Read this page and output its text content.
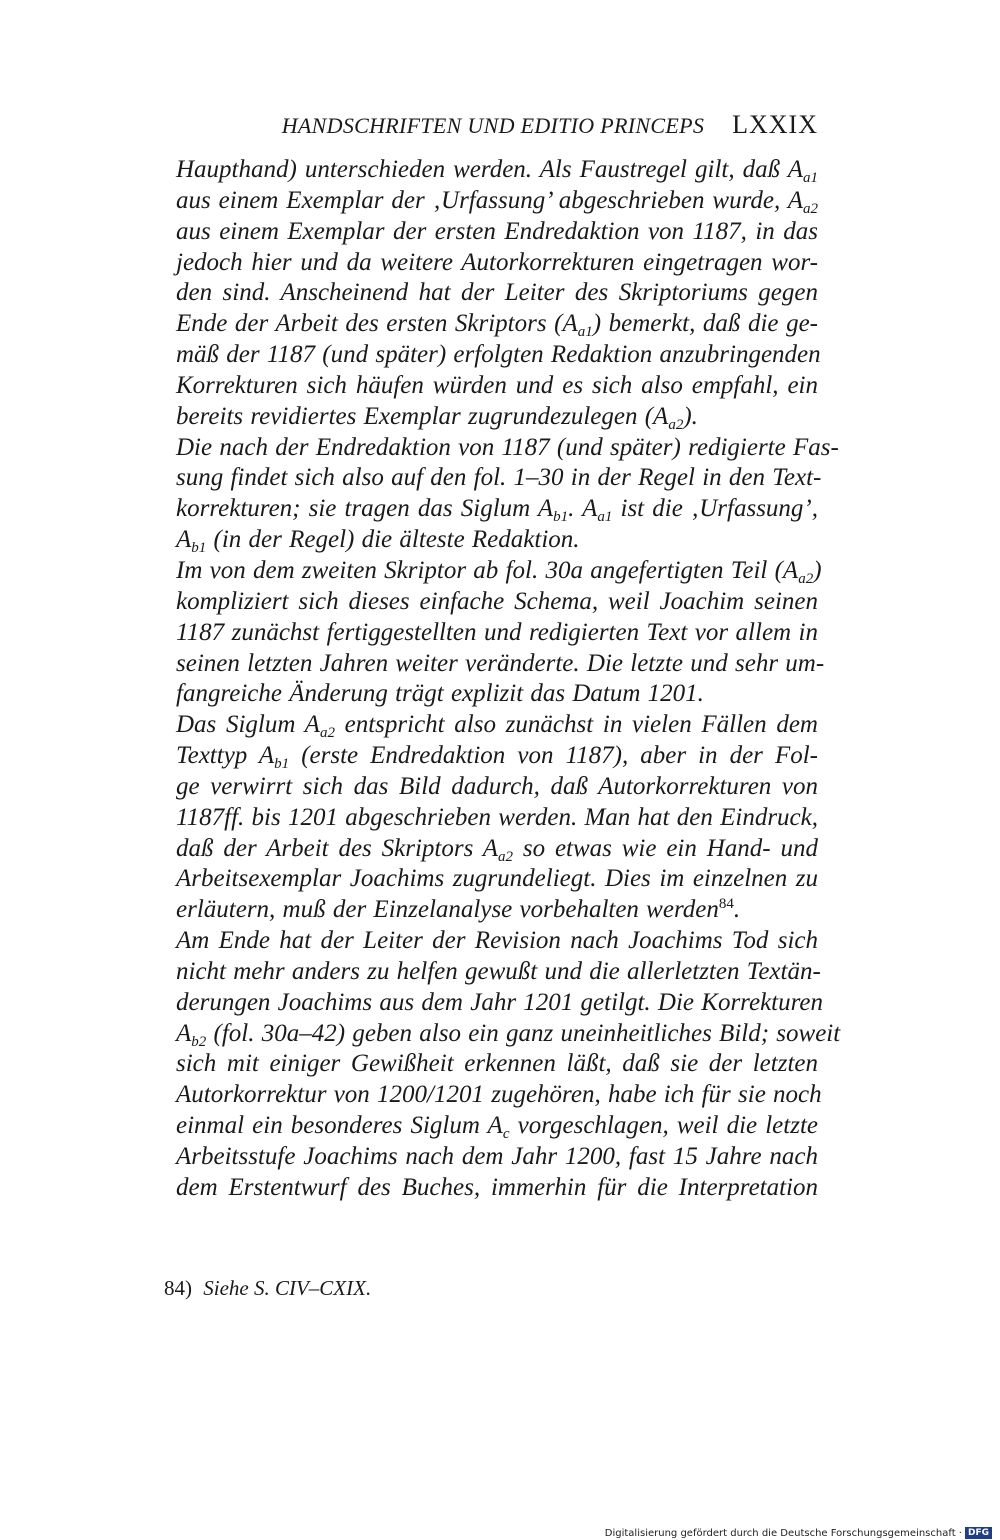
HANDSCHRIFTEN UND EDITIO PRINCEPS LXXIX
Haupthand) unterschieden werden. Als Faustregel gilt, daß $A_{a1}$
aus einem Exemplar der ‚Urfassung’ abgeschrieben wurde, $A_{a2}$
aus einem Exemplar der ersten Endredaktion von 1187, in das
jedoch hier und da weitere Autorkorrekturen eingetragen wor-
den sind. Anscheinend hat der Leiter des Skriptoriums gegen
Ende der Arbeit des ersten Skriptors $(A_{a1})$ bemerkt, daß die ge-
mäß der 1187 (und später) erfolgten Redaktion anzubringenden
Korrekturen sich häufen würden und es sich also empfahl, ein
bereits revidiertes Exemplar zugrundezulegen $(A_{a2})$.
Die nach der Endredaktion von 1187 (und später) redigierte Fas-
sung findet sich also auf den fol. 1–30 in der Regel in den Text-
korrekturen; sie tragen das Siglum $A_{b1}$. $A_{a1}$ ist die ‚Urfassung’,
$A_{b1}$ (in der Regel) die älteste Redaktion.
Im von dem zweiten Skriptor ab fol. 30a angefertigten Teil $(A_{a2})$
kompliziert sich dieses einfache Schema, weil Joachim seinen
1187 zunächst fertiggestellten und redigierten Text vor allem in
seinen letzten Jahren weiter veränderte. Die letzte und sehr um-
fangreiche Änderung trägt explizit das Datum 1201.
Das Siglum $A_{a2}$ entspricht also zunächst in vielen Fällen dem
Texttyp $A_{b1}$ (erste Endredaktion von 1187), aber in der Fol-
ge verwirrt sich das Bild dadurch, daß Autorkorrekturen von
1187ff. bis 1201 abgeschrieben werden. Man hat den Eindruck,
daß der Arbeit des Skriptors $A_{a2}$ so etwas wie ein Hand- und
Arbeitsexemplar Joachims zugrundeliegt. Dies im einzelnen zu
erläutern, muß der Einzelanalyse vorbehalten werden$^{84}$.
Am Ende hat der Leiter der Revision nach Joachims Tod sich
nicht mehr anders zu helfen gewußt und die allerletzten Textän-
derungen Joachims aus dem Jahr 1201 getilgt. Die Korrekturen
$A_{b2}$ (fol. 30a–42) geben also ein ganz uneinheitliches Bild; soweit
sich mit einiger Gewißheit erkennen läßt, daß sie der letzten
Autorkorrektur von 1200/1201 zugehören, habe ich für sie noch
einmal ein besonderes Siglum $A_c$ vorgeschlagen, weil die letzte
Arbeitsstufe Joachims nach dem Jahr 1200, fast 15 Jahre nach
dem Erstentwurf des Buches, immerhin für die Interpretation
84) Siehe S. CIV–CXIX.
Digitalisierung gefördert durch die Deutsche Forschungsgemeinschaft · DFG
